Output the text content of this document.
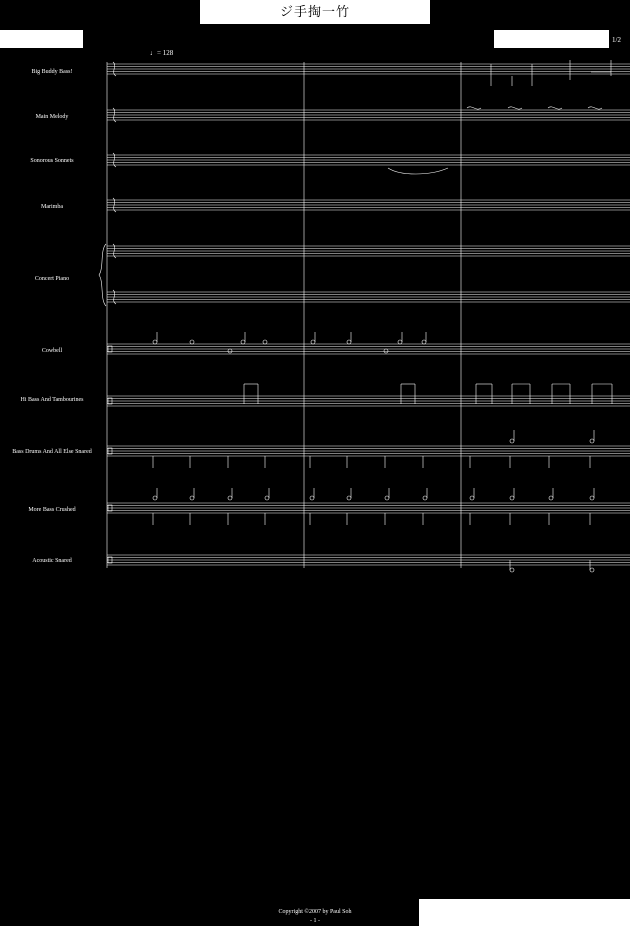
ジ手掏一竹
1/2
♩= 128
Big Buddy Bass!
Main Melody
Sonorous Sonnets
Marimba
Concert Piano
Cowbell
Hi Bass And Tambourines
Bass Drums And All Else Snared
More Bass Crushed
Acoustic Snared
Copyright ©2007 by Paul Soh
- 1 -
